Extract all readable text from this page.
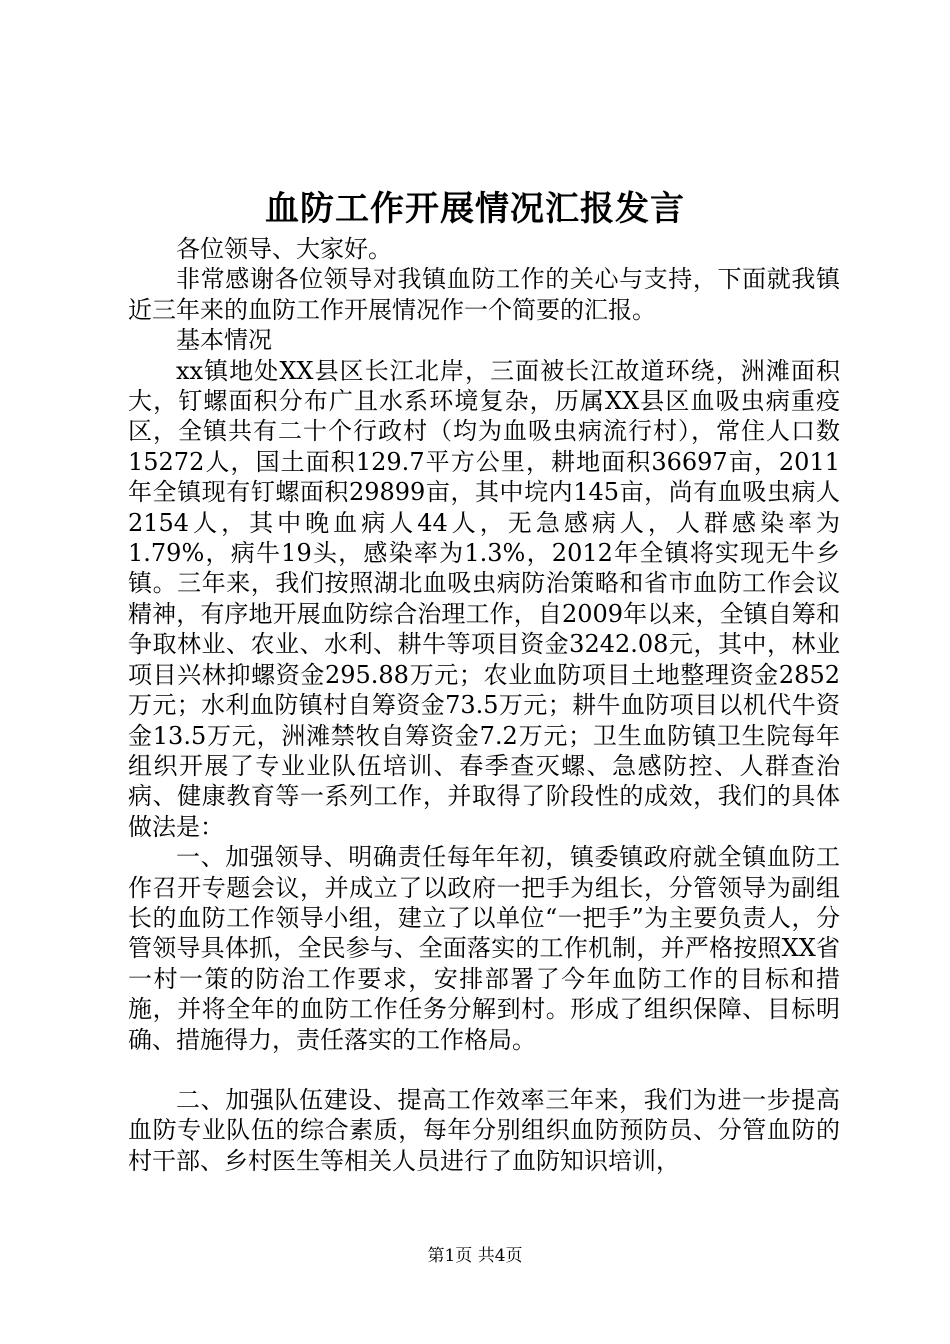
血防工作开展情况汇报发言

各位领导、大家好。

非常感谢各位领导对我镇血防工作的关心与支持，下面就我镇近三年来的血防工作开展情况作一个简要的汇报。

基本情况

xx镇地处XX县区长江北岸，三面被长江故道环绕，洲滩面积大，钉螺面积分布广且水系环境复杂，历属XX县区血吸虫病重疫区，全镇共有二十个行政村（均为血吸虫病流行村），常住人口数15272人，国土面积129.7平方公里，耕地面积36697亩，2011年全镇现有钉螺面积29899亩，其中垸内145亩，尚有血吸虫病人2154人，其中晚血病人44人，无急感病人，人群感染率为1.79%，病牛19头，感染率为1.3%，2012年全镇将实现无牛乡镇。三年来，我们按照湖北血吸虫病防治策略和省市血防工作会议精神，有序地开展血防综合治理工作，自2009年以来，全镇自筹和争取林业、农业、水利、耕牛等项目资金3242.08元，其中，林业项目兴林抑螺资金295.88万元；农业血防项目土地整理资金2852万元；水利血防镇村自筹资金73.5万元；耕牛血防项目以机代牛资金13.5万元，洲滩禁牧自筹资金7.2万元；卫生血防镇卫生院每年组织开展了专业业队伍培训、春季查灭螺、急感防控、人群查治病、健康教育等一系列工作，并取得了阶段性的成效，我们的具体做法是：

一、加强领导、明确责任每年年初，镇委镇政府就全镇血防工作召开专题会议，并成立了以政府一把手为组长，分管领导为副组长的血防工作领导小组，建立了以单位“一把手”为主要负责人，分管领导具体抓，全民参与、全面落实的工作机制，并严格按照XX省一村一策的防治工作要求，安排部署了今年血防工作的目标和措施，并将全年的血防工作任务分解到村。形成了组织保障、目标明确、措施得力，责任落实的工作格局。

二、加强队伍建设、提高工作效率三年来，我们为进一步提高血防专业队伍的综合素质，每年分别组织血防预防员、分管血防的村干部、乡村医生等相关人员进行了血防知识培训，

第1页 共4页
